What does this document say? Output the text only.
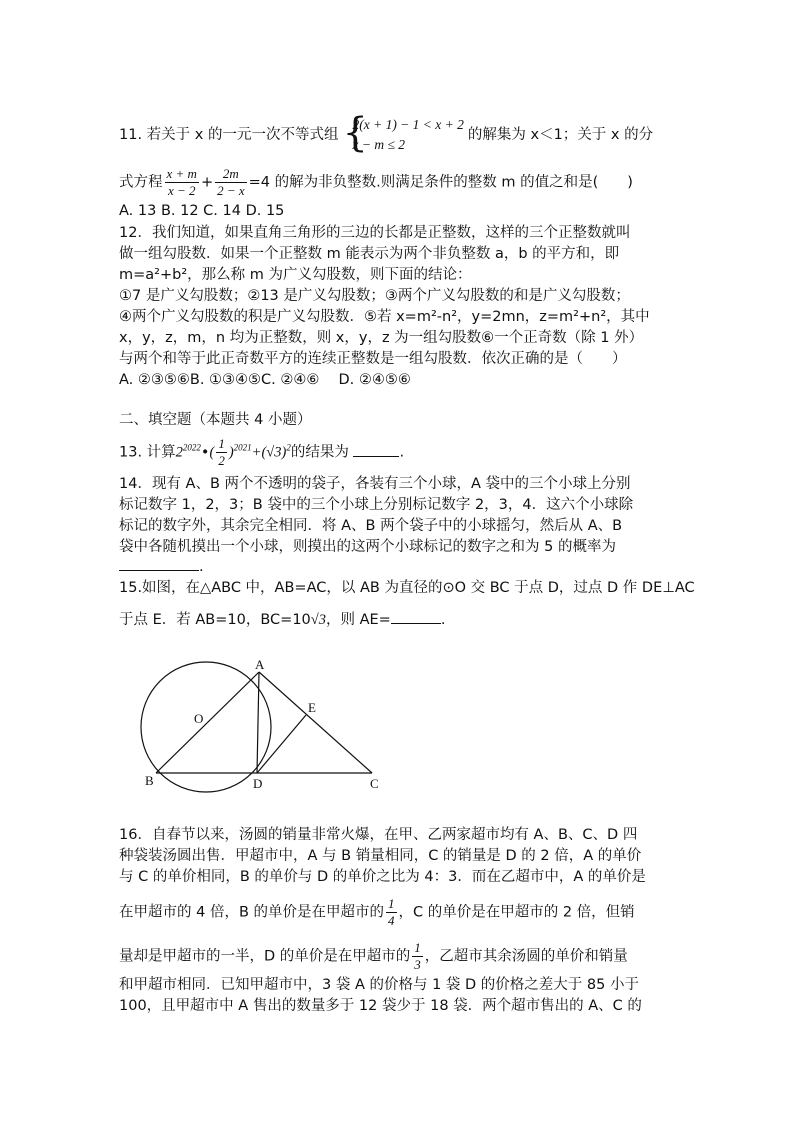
11. 若关于 x 的一元一次不等式组 {
2(x + 1) − 1 < x + 2
x − m ≤ 2
的解集为 x＜1；关于 x 的分
式方程 $\frac{x + m}{x - 2} + \frac{2m}{2 - x} =4$ 的解为非负整数.则满足条件的整数 m 的值之和是(　　)
A. 13 B. 12 C. 14 D. 15
12．我们知道，如果直角三角形的三边的长都是正整数，这样的三个正整数就叫
做一组勾股数．如果一个正整数 m 能表示为两个非负整数 a，b 的平方和，即
m=a²+b²，那么称 m 为广义勾股数，则下面的结论：
①7 是广义勾股数；②13 是广义勾股数；③两个广义勾股数的和是广义勾股数；
④两个广义勾股数的积是广义勾股数．⑤若 x=m²-n²，y=2mn，z=m²+n²，其中
x，y，z，m，n 均为正整数，则 x，y，z 为一组勾股数⑥一个正奇数（除 1 外）
与两个和等于此正奇数平方的连续正整数是一组勾股数．依次正确的是（　　）
A. ②③⑤⑥B. ①③④⑤C. ②④⑥　 D. ②④⑤⑥
二、填空题（本题共 4 小题）
13. 计算$2^{2022}•( \frac{1}{2} )^{2021}+(√3)^2$的结果为	.
14．现有 A、B 两个不透明的袋子，各装有三个小球，A 袋中的三个小球上分别
标记数字 1，2，3；B 袋中的三个小球上分别标记数字 2，3，4．这六个小球除
标记的数字外，其余完全相同．将 A、B 两个袋子中的小球摇匀，然后从 A、B
袋中各随机摸出一个小球，则摸出的这两个小球标记的数字之和为 5 的概率为
.
15.如图，在△ABC 中，AB=AC，以 AB 为直径的⊙O 交 BC 于点 D，过点 D 作 DE⊥AC
于点 E．若 AB=10，BC=10√3，则 AE=	.
A
O
E
B	D	C
16．自春节以来，汤圆的销量非常火爆，在甲、乙两家超市均有 A、B、C、D 四
种袋装汤圆出售．甲超市中，A 与 B 销量相同，C 的销量是 D 的 2 倍，A 的单价
与 C 的单价相同，B 的单价与 D 的单价之比为 4：3．而在乙超市中，A 的单价是
在甲超市的 4 倍，B 的单价是在甲超市的 $\frac{1}{4}$ ，C 的单价是在甲超市的 2 倍，但销
量却是甲超市的一半，D 的单价是在甲超市的 $\frac{1}{3}$ ，乙超市其余汤圆的单价和销量
和甲超市相同．已知甲超市中，3 袋 A 的价格与 1 袋 D 的价格之差大于 85 小于
100，且甲超市中 A 售出的数量多于 12 袋少于 18 袋．两个超市售出的 A、C 的
